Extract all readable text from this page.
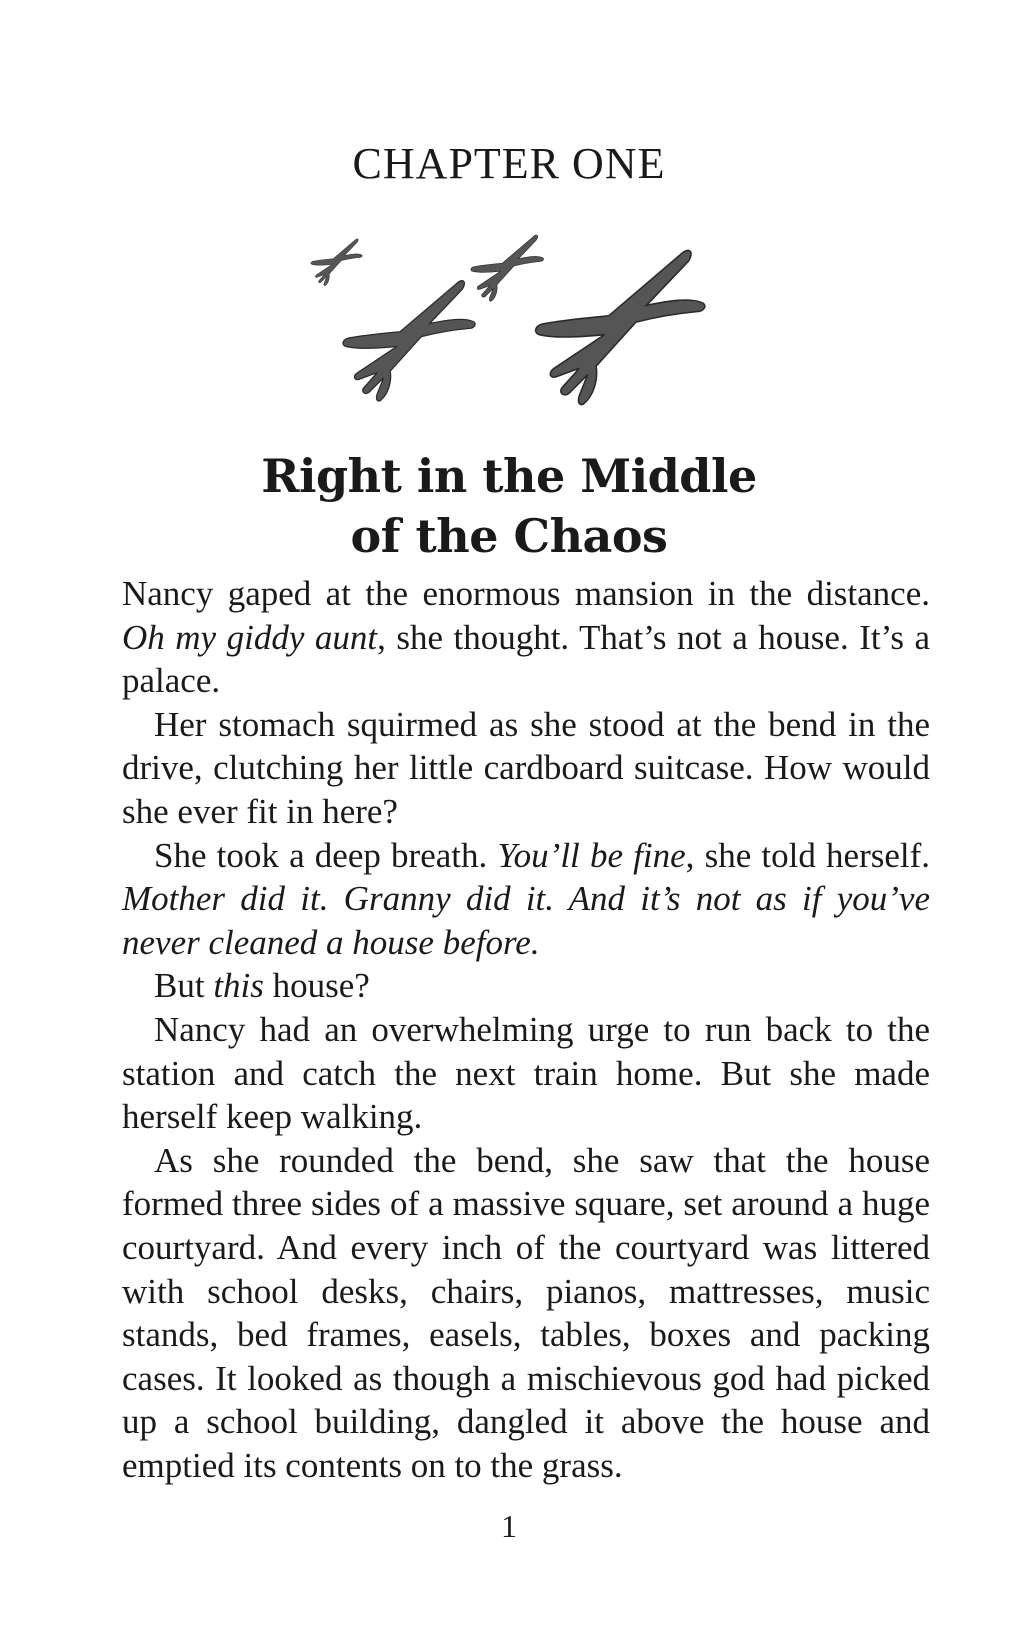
CHAPTER ONE
Right in the Middle
of the Chaos

Nancy gaped at the enormous mansion in the distance. Oh my giddy aunt, she thought. That’s not a house. It’s a palace.

Her stomach squirmed as she stood at the bend in the drive, clutching her little cardboard suitcase. How would she ever fit in here?

She took a deep breath. You’ll be fine, she told herself. Mother did it. Granny did it. And it’s not as if you’ve never cleaned a house before.

But this house?

Nancy had an overwhelming urge to run back to the station and catch the next train home. But she made herself keep walking.

As she rounded the bend, she saw that the house formed three sides of a massive square, set around a huge courtyard. And every inch of the courtyard was littered with school desks, chairs, pianos, mattresses, music stands, bed frames, easels, tables, boxes and packing cases. It looked as though a mischievous god had picked up a school building, dangled it above the house and emptied its contents on to the grass.

1
